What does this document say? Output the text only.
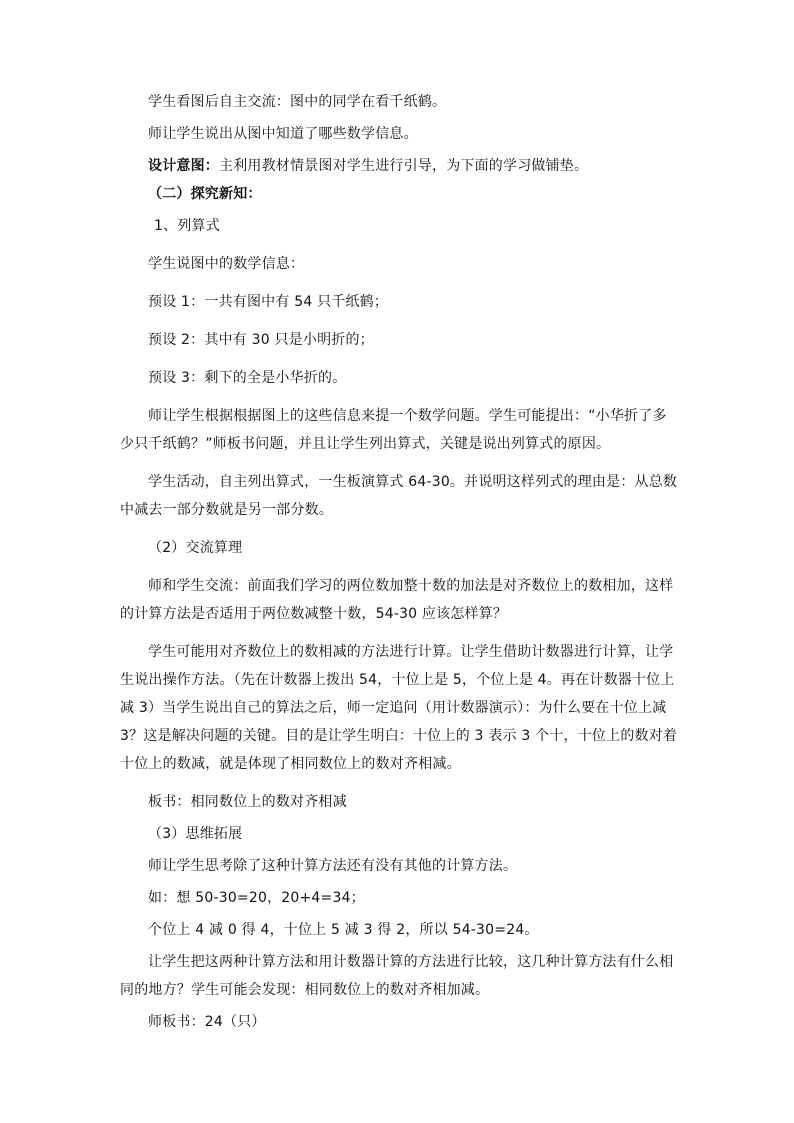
学生看图后自主交流：图中的同学在看千纸鹤。

师让学生说出从图中知道了哪些数学信息。

设计意图：主利用教材情景图对学生进行引导，为下面的学习做铺垫。

（二）探究新知：

1、列算式

学生说图中的数学信息：

预设 1：一共有图中有 54 只千纸鹤；

预设 2：其中有 30 只是小明折的；

预设 3：剩下的全是小华折的。

师让学生根据根据图上的这些信息来提一个数学问题。学生可能提出：“小华折了多少只千纸鹤？”师板书问题，并且让学生列出算式，关键是说出列算式的原因。

学生活动，自主列出算式，一生板演算式 64-30。并说明这样列式的理由是：从总数中减去一部分数就是另一部分数。

（2）交流算理

师和学生交流：前面我们学习的两位数加整十数的加法是对齐数位上的数相加，这样的计算方法是否适用于两位数减整十数，54-30 应该怎样算？

学生可能用对齐数位上的数相减的方法进行计算。让学生借助计数器进行计算，让学生说出操作方法。（先在计数器上拨出 54，十位上是 5，个位上是 4。再在计数器十位上减 3）当学生说出自己的算法之后，师一定追问（用计数器演示）：为什么要在十位上减 3？这是解决问题的关键。目的是让学生明白：十位上的 3 表示 3 个十，十位上的数对着十位上的数减，就是体现了相同数位上的数对齐相减。

板书：相同数位上的数对齐相减

（3）思维拓展

师让学生思考除了这种计算方法还有没有其他的计算方法。

如：想 50-30=20，20+4=34；

个位上 4 减 0 得 4，十位上 5 减 3 得 2，所以 54-30=24。

让学生把这两种计算方法和用计数器计算的方法进行比较，这几种计算方法有什么相同的地方？学生可能会发现：相同数位上的数对齐相加减。

师板书：24（只）
